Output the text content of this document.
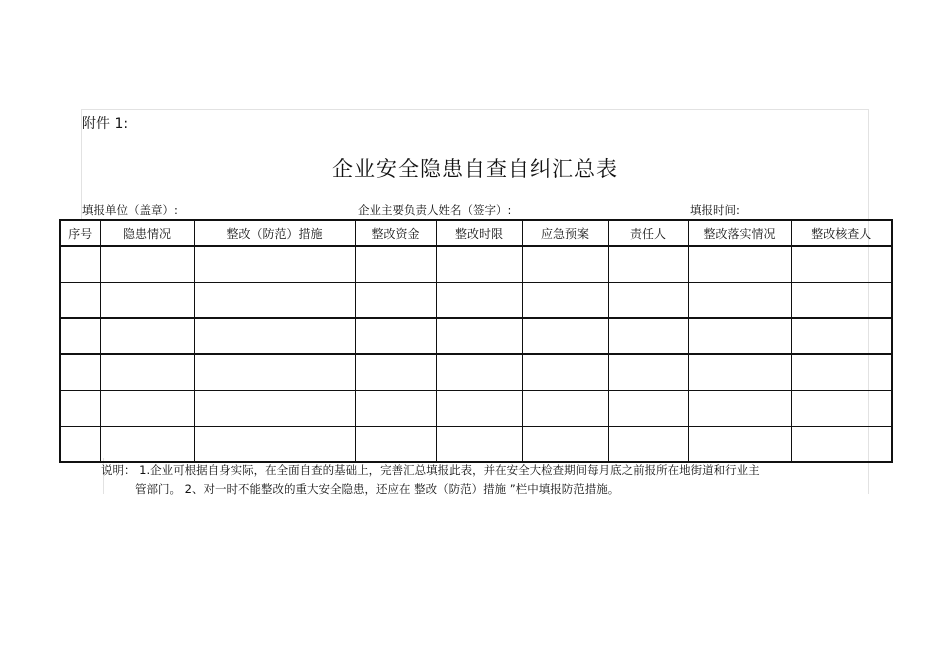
附件 1:
企业安全隐患自查自纠汇总表
填报单位（盖章）:	企业主要负责人姓名（签字）:	填报时间:
序号	隐患情况	整改（防范）措施	整改资金	整改时限	应急预案	责任人	整改落实情况	整改核查人

说明： 1.企业可根据自身实际，在全面自查的基础上，完善汇总填报此表，并在安全大检查期间每月底之前报所在地街道和行业主
管部门。 2、对一时不能整改的重大安全隐患，还应在 整改（防范）措施 ”栏中填报防范措施。
